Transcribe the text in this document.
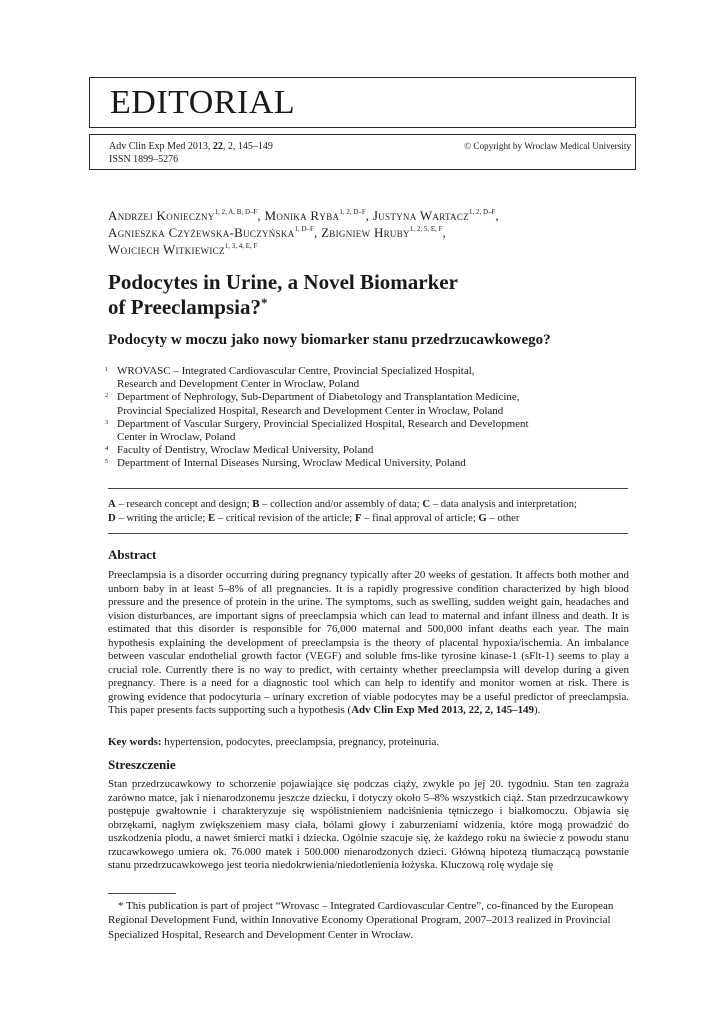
EDITORIAL
Adv Clin Exp Med 2013, 22, 2, 145–149
ISSN 1899–5276
© Copyright by Wroclaw Medical University
Andrzej Konieczny$^{1, 2, A, B, D-F}$, Monika Ryba$^{1, 2, D-F}$, Justyna Wartacz$^{1, 2, D-F}$,
Agnieszka Czyżewska-Buczyńska$^{1, D-F}$, Zbigniew Hruby$^{1, 2, 5, E, F}$,
Wojciech Witkiewicz$^{1, 3, 4, E, F}$
Podocytes in Urine, a Novel Biomarker
of Preeclampsia?*
Podocyty w moczu jako nowy biomarker stanu przedrzucawkowego?
1 WROVASC – Integrated Cardiovascular Centre, Provincial Specialized Hospital,
Research and Development Center in Wroclaw, Poland
2 Department of Nephrology, Sub-Department of Diabetology and Transplantation Medicine,
Provincial Specialized Hospital, Research and Development Center in Wroclaw, Poland
3 Department of Vascular Surgery, Provincial Specialized Hospital, Research and Development
Center in Wroclaw, Poland
4 Faculty of Dentistry, Wroclaw Medical University, Poland
5 Department of Internal Diseases Nursing, Wroclaw Medical University, Poland
A – research concept and design; B – collection and/or assembly of data; C – data analysis and interpretation;
D – writing the article; E – critical revision of the article; F – final approval of article; G – other
Abstract

Preeclampsia is a disorder occurring during pregnancy typically after 20 weeks of gestation. It affects both mother and unborn baby in at least 5–8% of all pregnancies. It is a rapidly progressive condition characterized by high blood pressure and the presence of protein in the urine. The symptoms, such as swelling, sudden weight gain, headaches and vision disturbances, are important signs of preeclampsia which can lead to maternal and infant illness and death. It is estimated that this disorder is responsible for 76,000 maternal and 500,000 infant deaths each year. The main hypothesis explaining the development of preeclampsia is the theory of placental hypoxia/ischemia. An imbalance between vascular endothelial growth factor (VEGF) and soluble fms-like tyrosine kinase-1 (sFlt-1) seems to play a crucial role. Currently there is no way to predict, with certainty whether preeclampsia will develop during a given pregnancy. There is a need for a diagnostic tool which can help to identify and monitor women at risk. There is growing evidence that podocyturia – urinary excretion of viable podocytes may be a useful predictor of preeclampsia. This paper presents facts supporting such a hypothesis (Adv Clin Exp Med 2013, 22, 2, 145–149).

Key words: hypertension, podocytes, preeclampsia, pregnancy, proteinuria.

Streszczenie

Stan przedrzucawkowy to schorzenie pojawiające się podczas ciąży, zwykle po jej 20. tygodniu. Stan ten zagraża zarówno matce, jak i nienarodzonemu jeszcze dziecku, i dotyczy około 5–8% wszystkich ciąż. Stan przedrzucawkowy postępuje gwałtownie i charakteryzuje się współistnieniem nadciśnienia tętniczego i białkomoczu. Objawia się obrzękami, nagłym zwiększeniem masy ciała, bólami głowy i zaburzeniami widzenia, które mogą prowadzić do uszkodzenia płodu, a nawet śmierci matki i dziecka. Ogólnie szacuje się, że każdego roku na świecie z powodu stanu rzucawkowego umiera ok. 76.000 matek i 500.000 nienarodzonych dzieci. Główną hipotezą tłumaczącą powstanie stanu przedrzucawkowego jest teoria niedokrwienia/niedotlenienia łożyska. Kluczową rolę wydaje się

* This publication is part of project “Wrovasc – Integrated Cardiovascular Centre”, co-financed by the European Regional Development Fund, within Innovative Economy Operational Program, 2007–2013 realized in Provincial Specialized Hospital, Research and Development Center in Wrocław.
